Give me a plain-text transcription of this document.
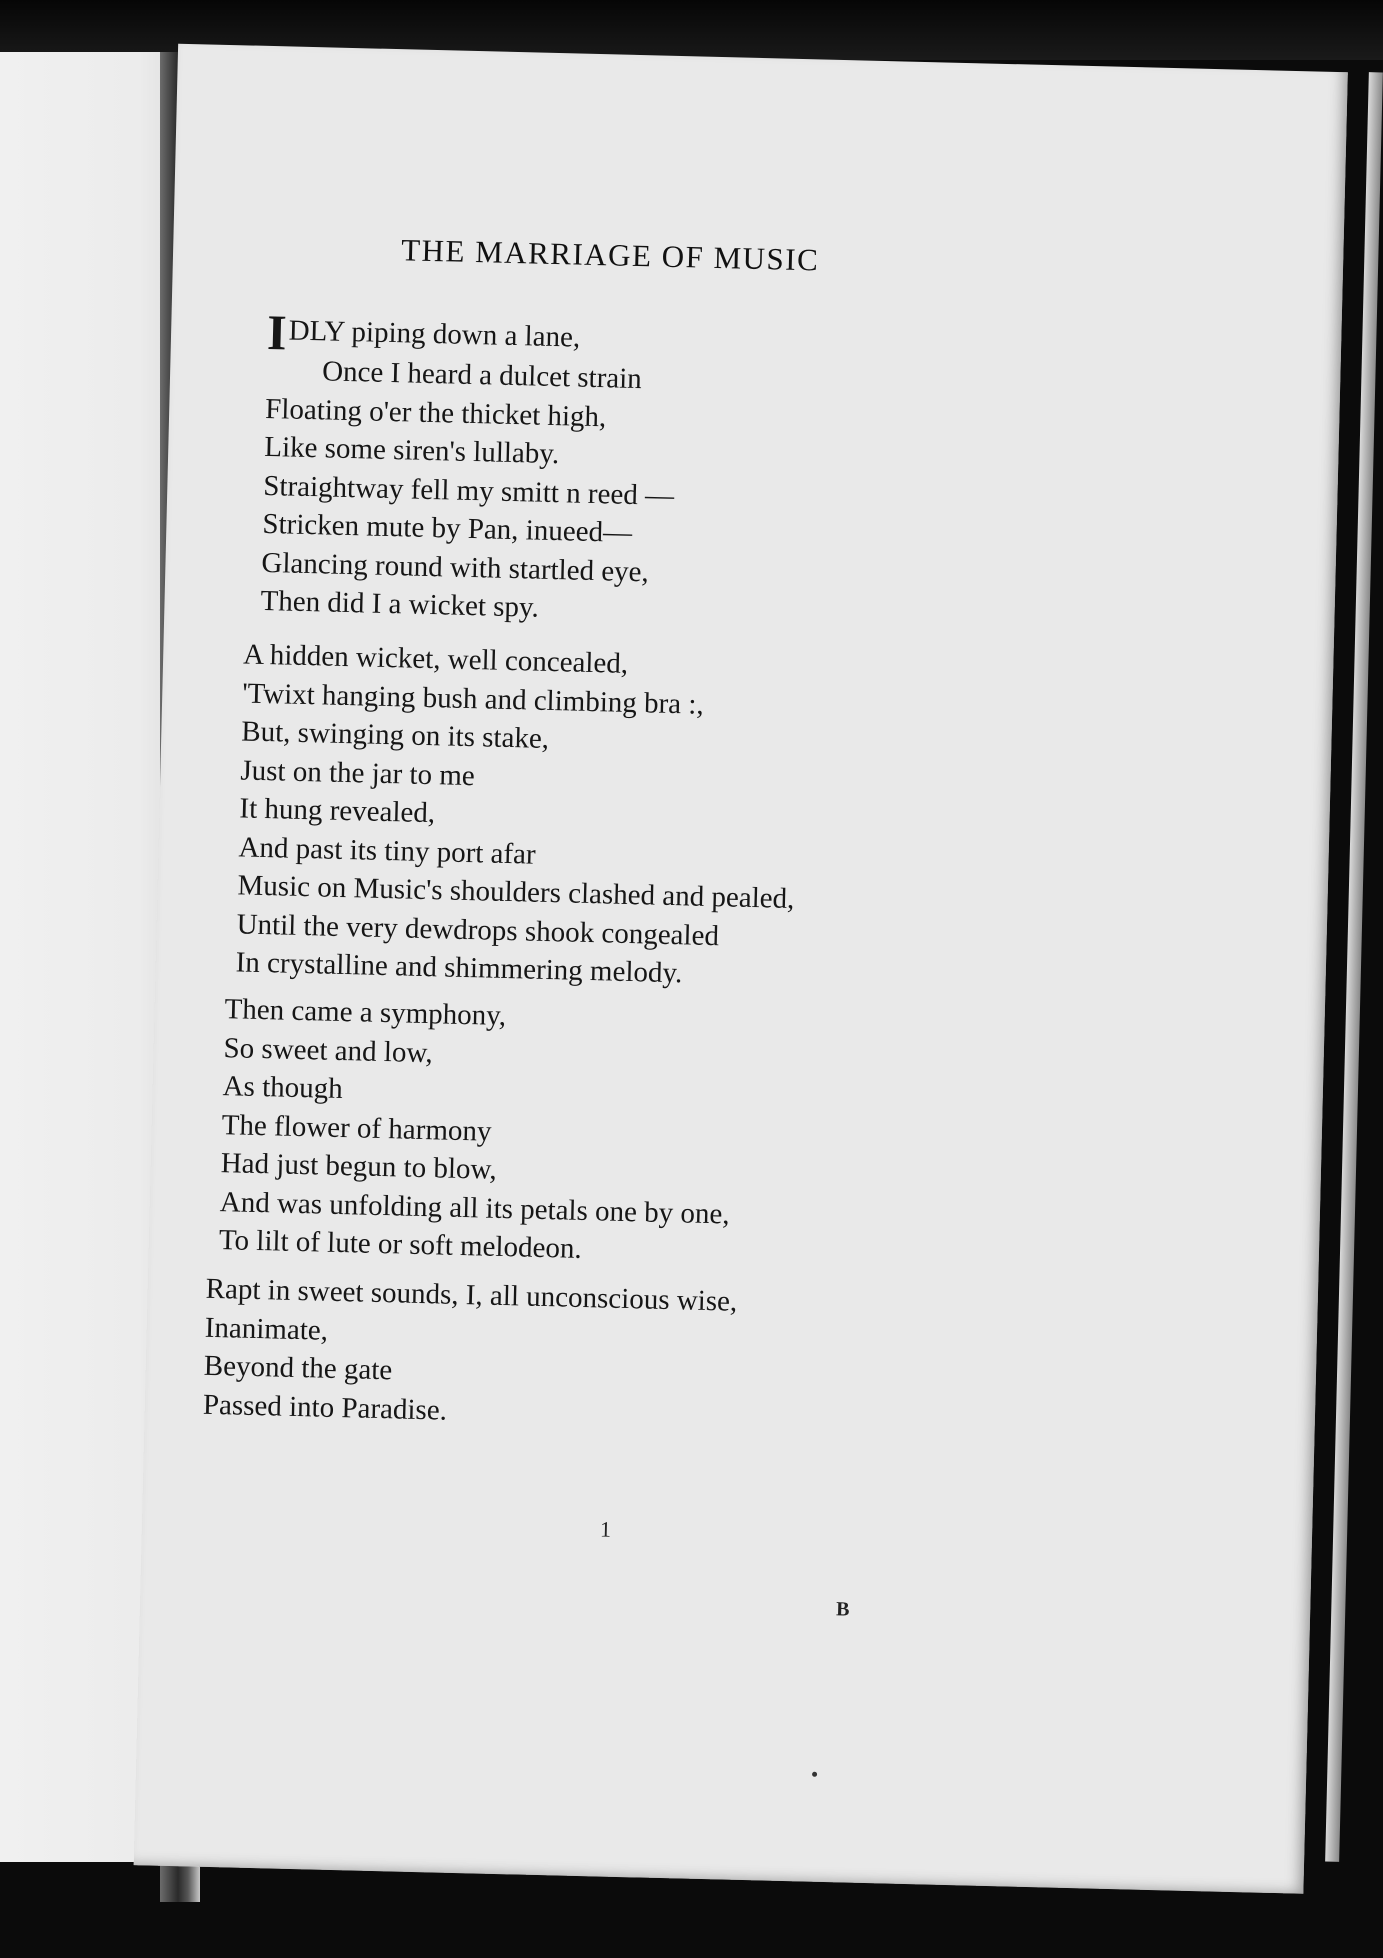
THE MARRIAGE OF MUSIC
IDLY piping down a lane,
Once I heard a dulcet strain
Floating o'er the thicket high,
Like some siren's lullaby.
Straightway fell my smitt n reed —
Stricken mute by Pan, inueed—
Glancing round with startled eye,
Then did I a wicket spy.
A hidden wicket, well concealed,
'Twixt hanging bush and climbing bra :,
But, swinging on its stake,
Just on the jar to me
It hung revealed,
And past its tiny port afar
Music on Music's shoulders clashed and pealed,
Until the very dewdrops shook congealed
In crystalline and shimmering melody.
Then came a symphony,
So sweet and low,
As though
The flower of harmony
Had just begun to blow,
And was unfolding all its petals one by one,
To lilt of lute or soft melodeon.
Rapt in sweet sounds, I, all unconscious wise,
Inanimate,
Beyond the gate
Passed into Paradise.
1
B
